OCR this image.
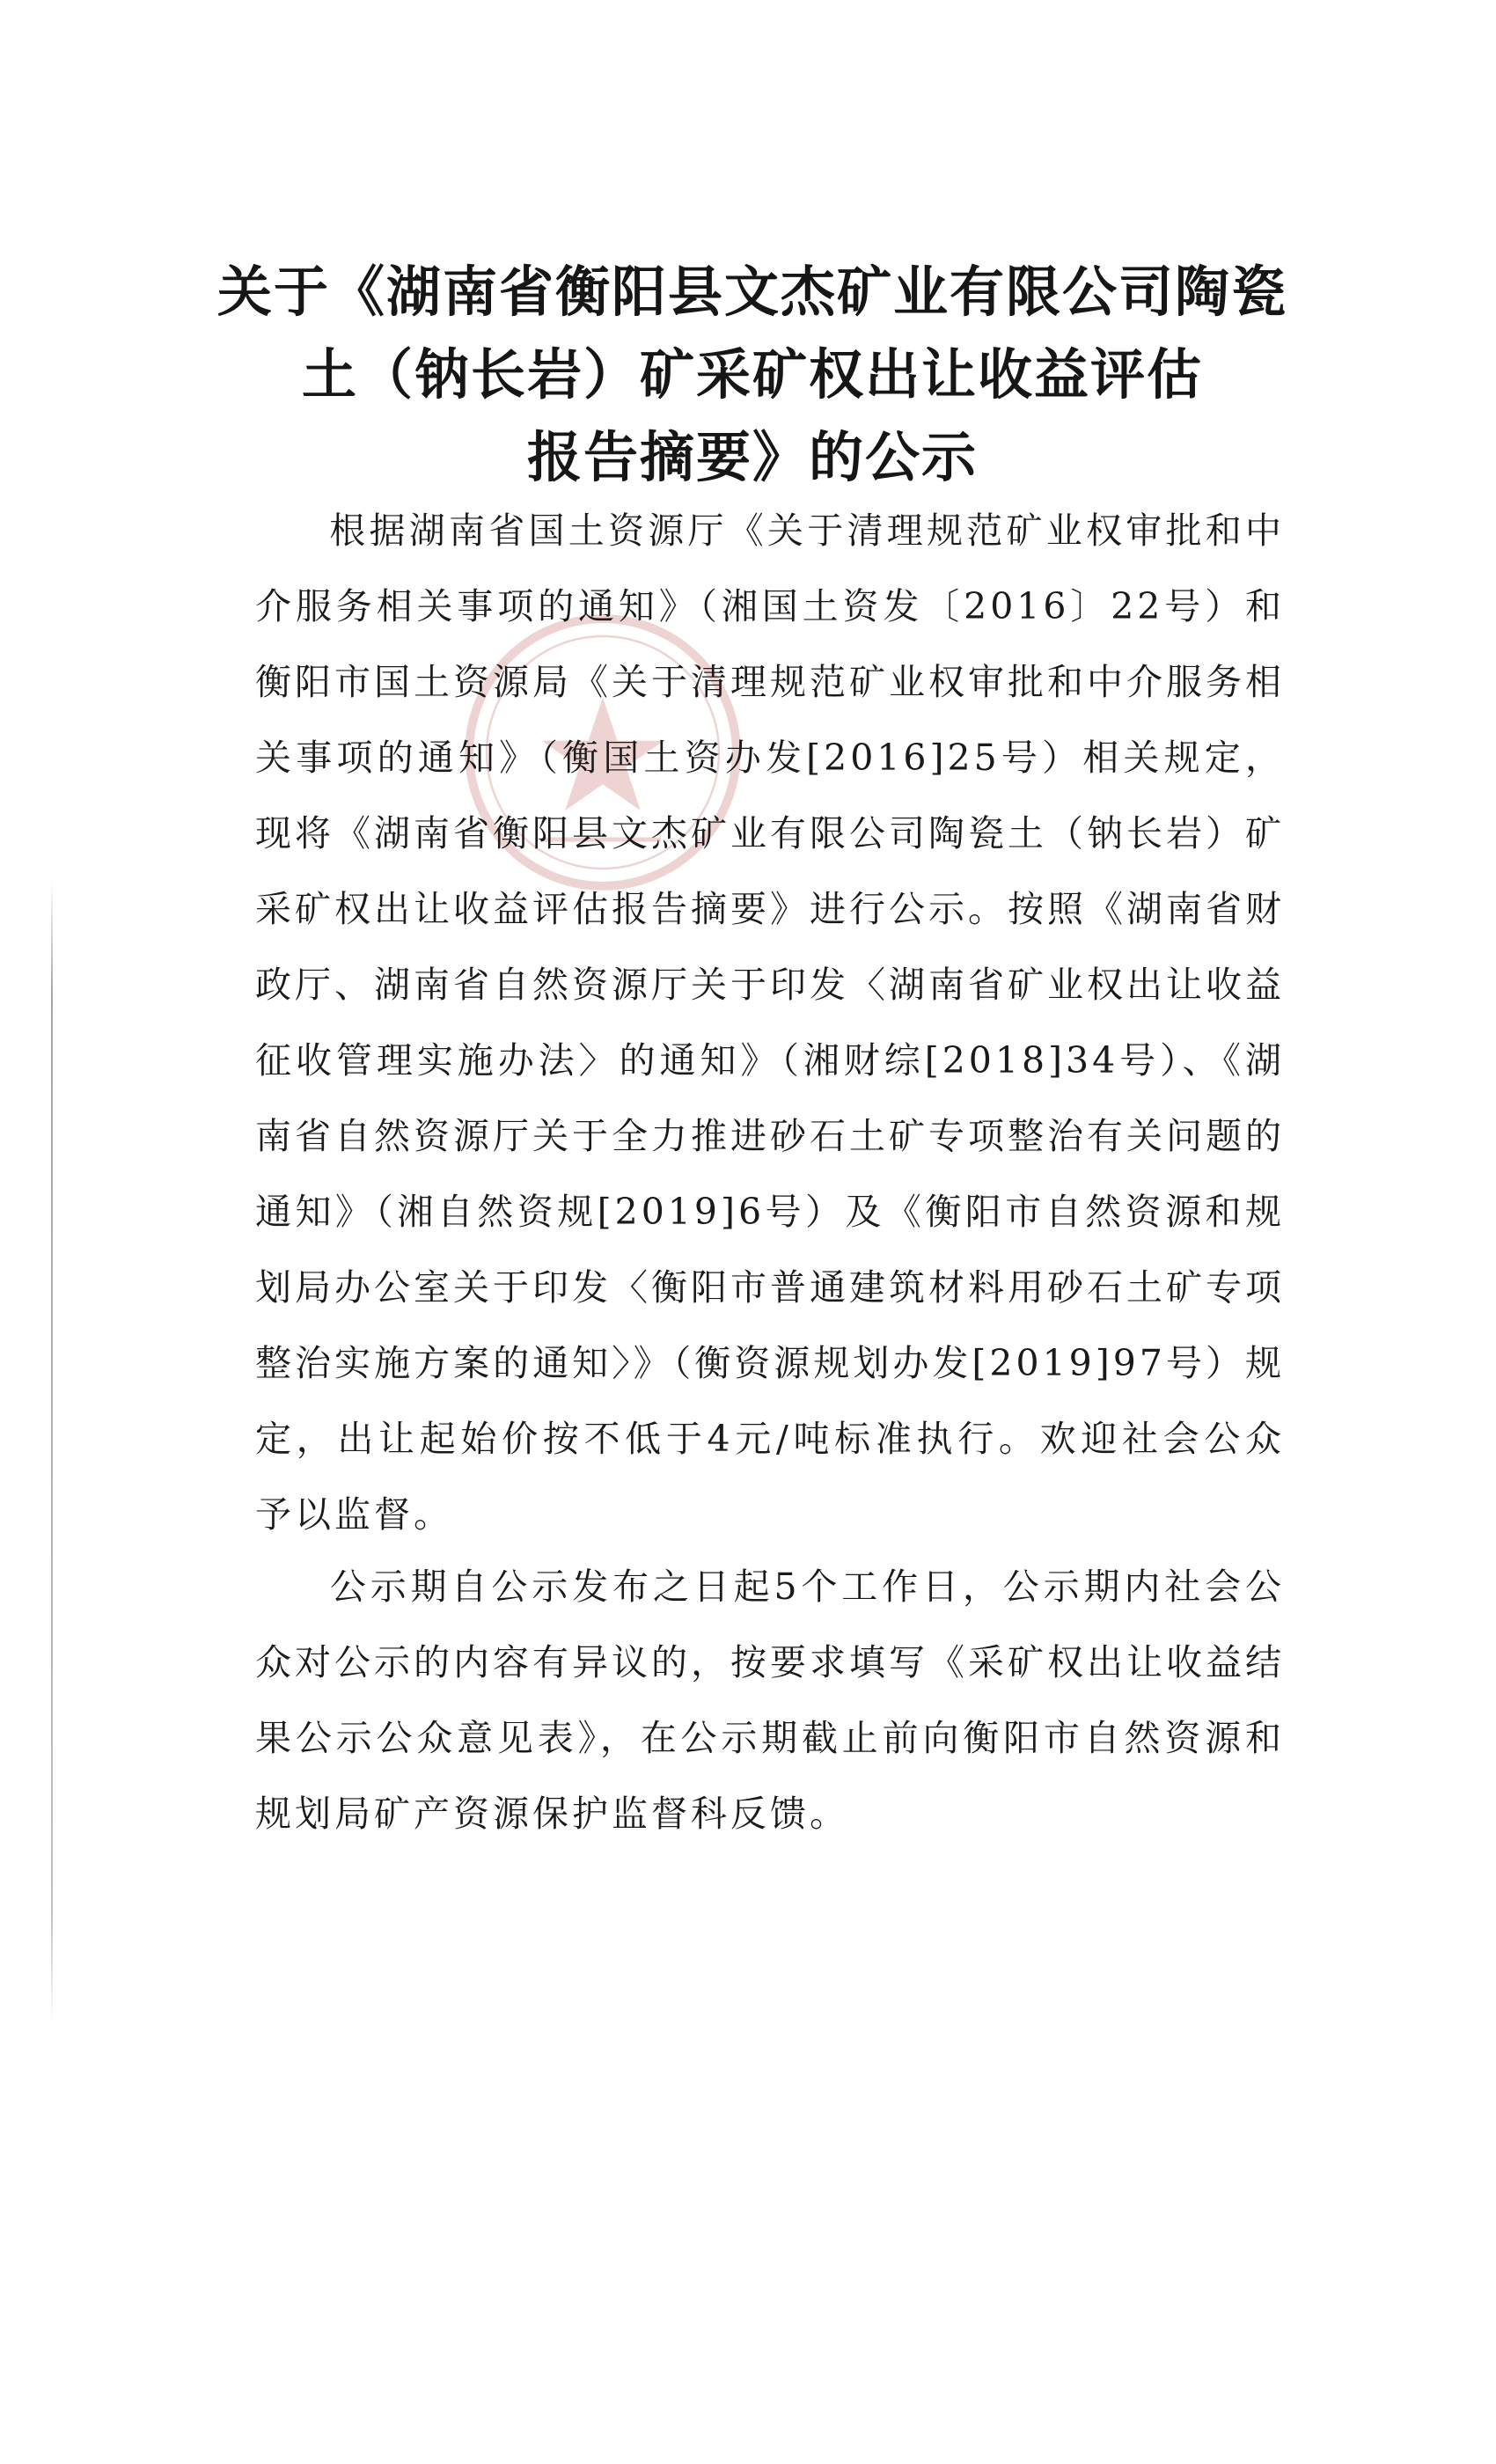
关于《湖南省衡阳县文杰矿业有限公司陶瓷
土（钠长岩）矿采矿权出让收益评估
报告摘要》的公示

根据湖南省国土资源厅《关于清理规范矿业权审批和中介服务相关事项的通知》（湘国土资发〔2016〕22号）和衡阳市国土资源局《关于清理规范矿业权审批和中介服务相关事项的通知》（衡国土资办发[2016]25号）相关规定，现将《湖南省衡阳县文杰矿业有限公司陶瓷土（钠长岩）矿采矿权出让收益评估报告摘要》进行公示。按照《湖南省财政厅、湖南省自然资源厅关于印发〈湖南省矿业权出让收益征收管理实施办法〉的通知》（湘财综[2018]34号）、《湖南省自然资源厅关于全力推进砂石土矿专项整治有关问题的通知》（湘自然资规[2019]6号）及《衡阳市自然资源和规划局办公室关于印发〈衡阳市普通建筑材料用砂石土矿专项整治实施方案的通知〉》（衡资源规划办发[2019]97号）规定，出让起始价按不低于4元/吨标准执行。欢迎社会公众予以监督。

公示期自公示发布之日起5个工作日，公示期内社会公众对公示的内容有异议的，按要求填写《采矿权出让收益结果公示公众意见表》，在公示期截止前向衡阳市自然资源和规划局矿产资源保护监督科反馈。
